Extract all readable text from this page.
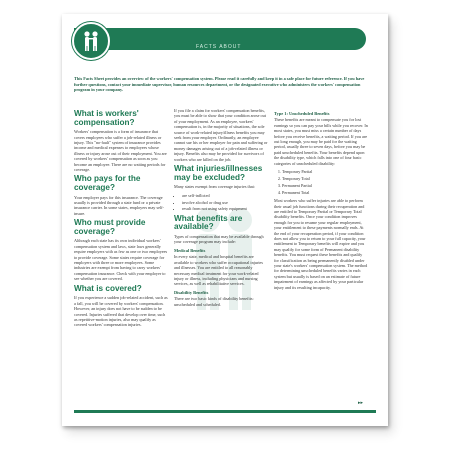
FACTS ABOUT
Workers' Compensation
This Facts Sheet provides an overview of the workers' compensation system. Please read it carefully and keep it in a safe place for future reference. If you have further questions, contact your immediate supervisor, human resources department, or the designated executive who administers the workers' compensation program in your company.
What is workers' compensation?

Workers' compensation is a form of insurance that covers employees who suffer a job-related illness or injury. This "no-fault" system of insurance provides income and medical expenses to employees whose illness or injury arose out of their employment. You are covered by workers' compensation as soon as you become an employee. There are no waiting periods for coverage.

Who pays for the coverage?

Your employer pays for this insurance. The coverage usually is provided through a state fund or a private insurance carrier. In some states, employers may self-insure.

Who must provide coverage?

Although each state has its own individual workers' compensation system and laws, state laws generally require employers with as few as one or two employees to provide coverage. Some states require coverage for employers with three or more employees. Some industries are exempt from having to carry workers' compensation insurance. Check with your employer to see whether you are covered.

What is covered?

If you experience a sudden job-related accident, such as a fall, you will be covered by workers' compensation. However, an injury does not have to be sudden to be covered. Injuries suffered that develop over time, such as repetitive-motion injuries, also may qualify as covered workers' compensation injuries.

If you file a claim for workers' compensation benefits, you must be able to show that your condition arose out of your employment. As an employee, workers' compensation is, in the majority of situations, the sole source of work-related injury/illness benefits you may seek from your employer. Ordinarily, an employee cannot sue his or her employer for pain and suffering or money damages arising out of a job-related illness or injury. Benefits also may be provided for survivors of workers who are killed on the job.

What injuries/illnesses may be excluded?

Many states exempt from coverage injuries that:

• are self-inflicted
• involve alcohol or drug use
• result from not using safety equipment
What benefits are available?

Types of compensation that may be available through your coverage program may include:

Medical Benefits

In every state, medical and hospital benefits are available to workers who suffer occupational injuries and illnesses. You are entitled to all reasonably necessary medical treatment for your work-related injury or illness, including physicians and nursing services, as well as rehabilitative services.

Disability Benefits

There are two basic kinds of disability benefits: unscheduled and scheduled.

Type 1: Unscheduled Benefits

These benefits are meant to compensate you for lost earnings so you can pay your bills while you recover. In most states, you must miss a certain number of days before you receive benefits, a waiting period. If you are out long enough, you may be paid for the waiting period, usually three to seven days, before you may be paid unscheduled benefits. Your benefits depend upon the disability type, which falls into one of four basic categories of unscheduled disability:

1. Temporary Partial
2. Temporary Total
3. Permanent Partial
4. Permanent Total

Most workers who suffer injuries are able to perform their usual job functions during their recuperation and are entitled to Temporary Partial or Temporary Total disability benefits. Once your condition improves enough for you to resume your regular employment, your entitlement to these payments normally ends. At the end of your recuperation period, if your condition does not allow you to return to your full capacity, your entitlement to Temporary benefits will expire and you may qualify for some form of Permanent disability benefits. You must request these benefits and qualify for classification as being permanently disabled under your state's workers' compensation system. The method for determining unscheduled benefits varies in each system but usually is based on an estimate of future impairment of earnings as affected by your particular injury and its resulting incapacity.

▸▸
